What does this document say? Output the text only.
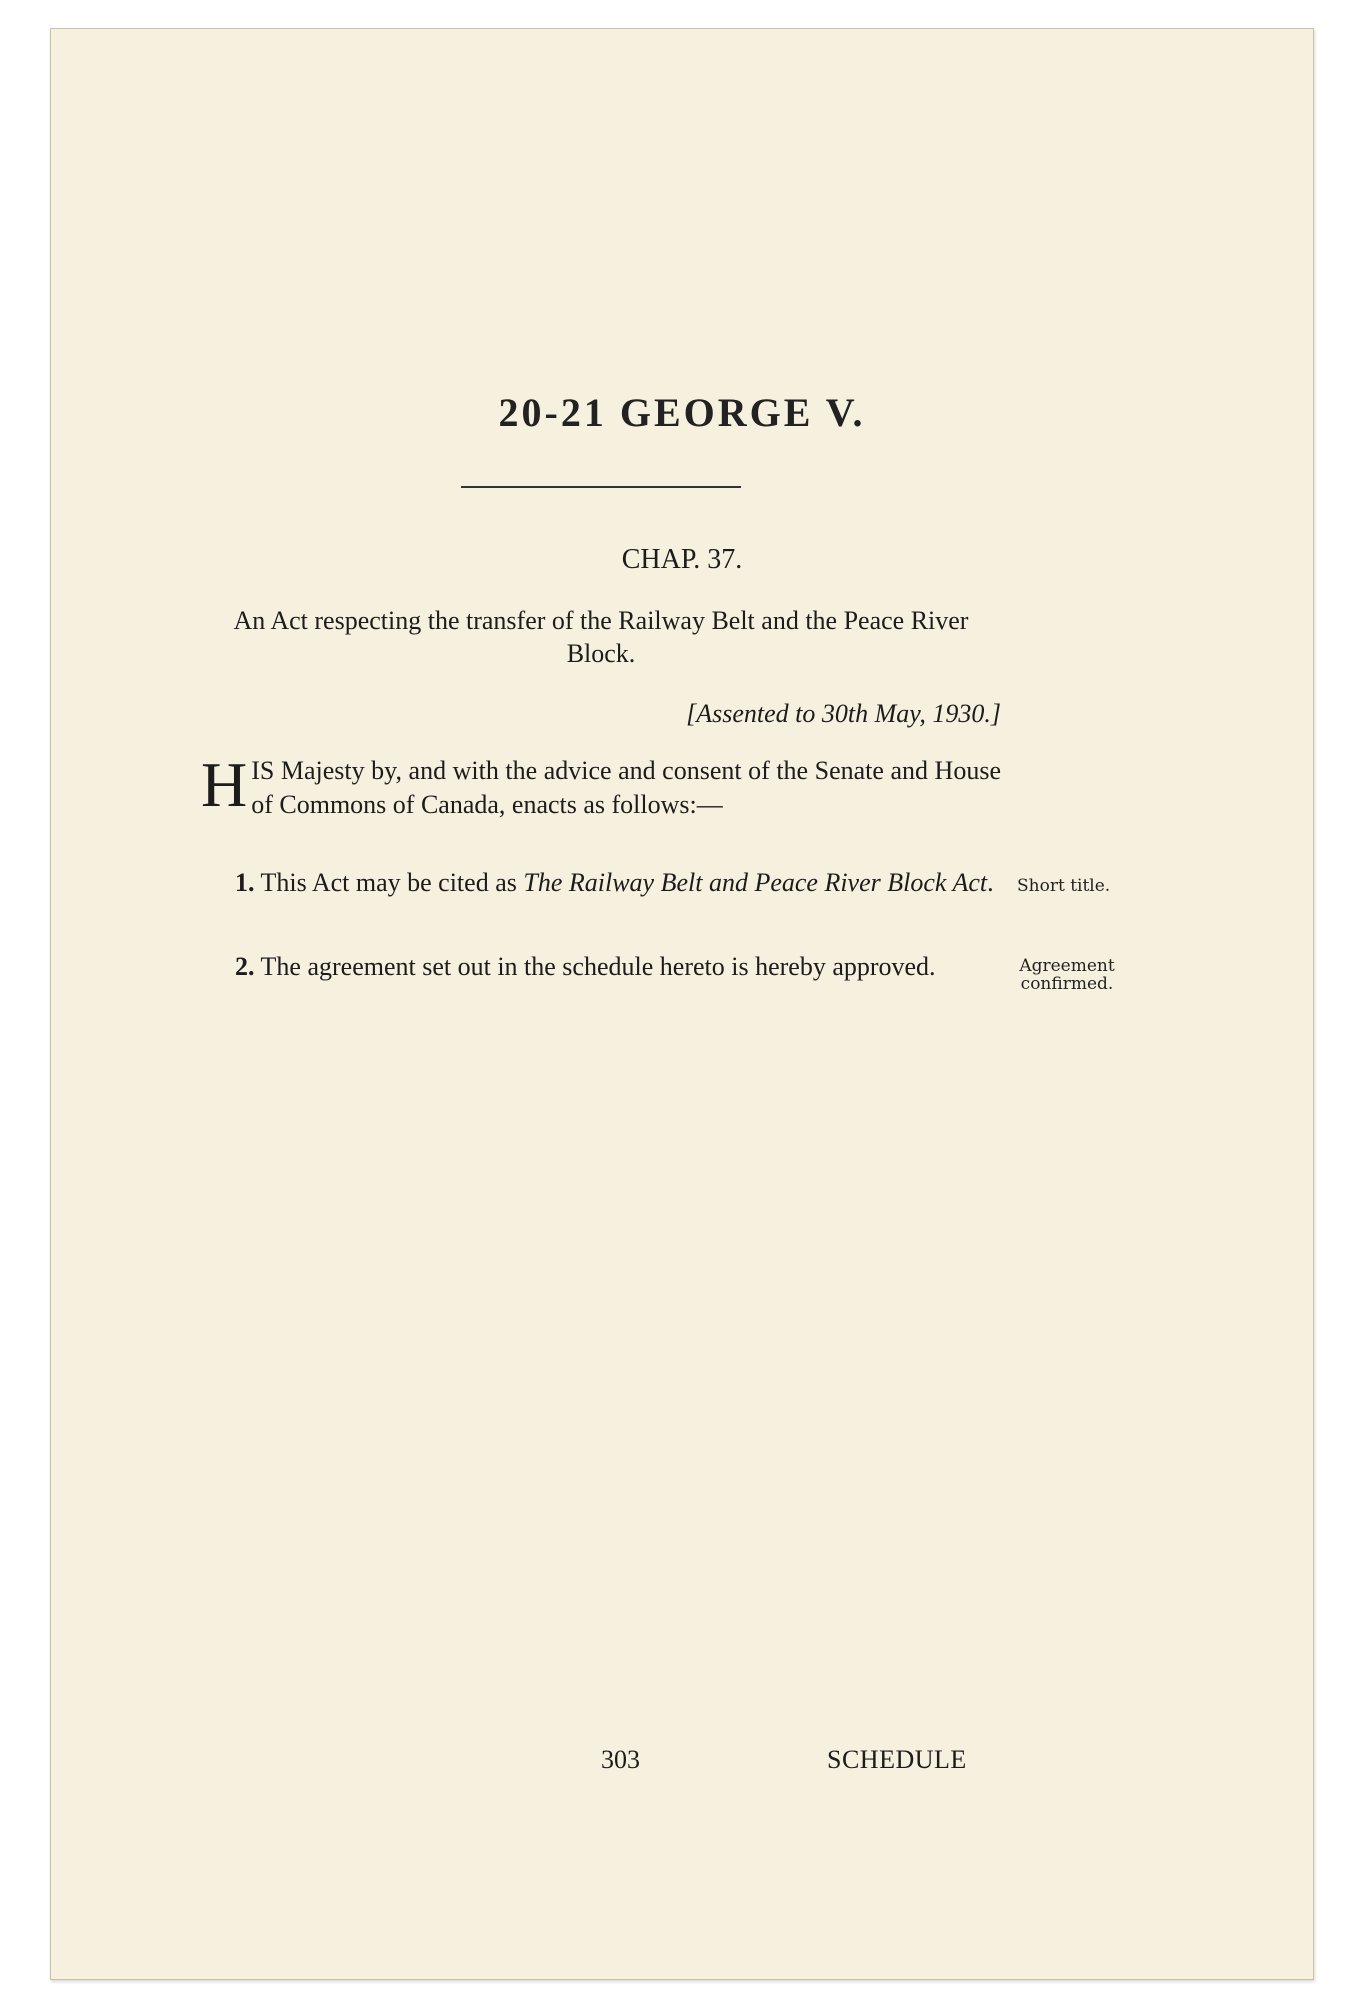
20-21 GEORGE V.
CHAP. 37.
An Act respecting the transfer of the Railway Belt and the Peace River Block.
[Assented to 30th May, 1930.]
HIS Majesty by, and with the advice and consent of the Senate and House of Commons of Canada, enacts as follows:—
1. This Act may be cited as The Railway Belt and Peace River Block Act.	Short title.
2. The agreement set out in the schedule hereto is hereby approved.	Agreement confirmed.
303	SCHEDULE
